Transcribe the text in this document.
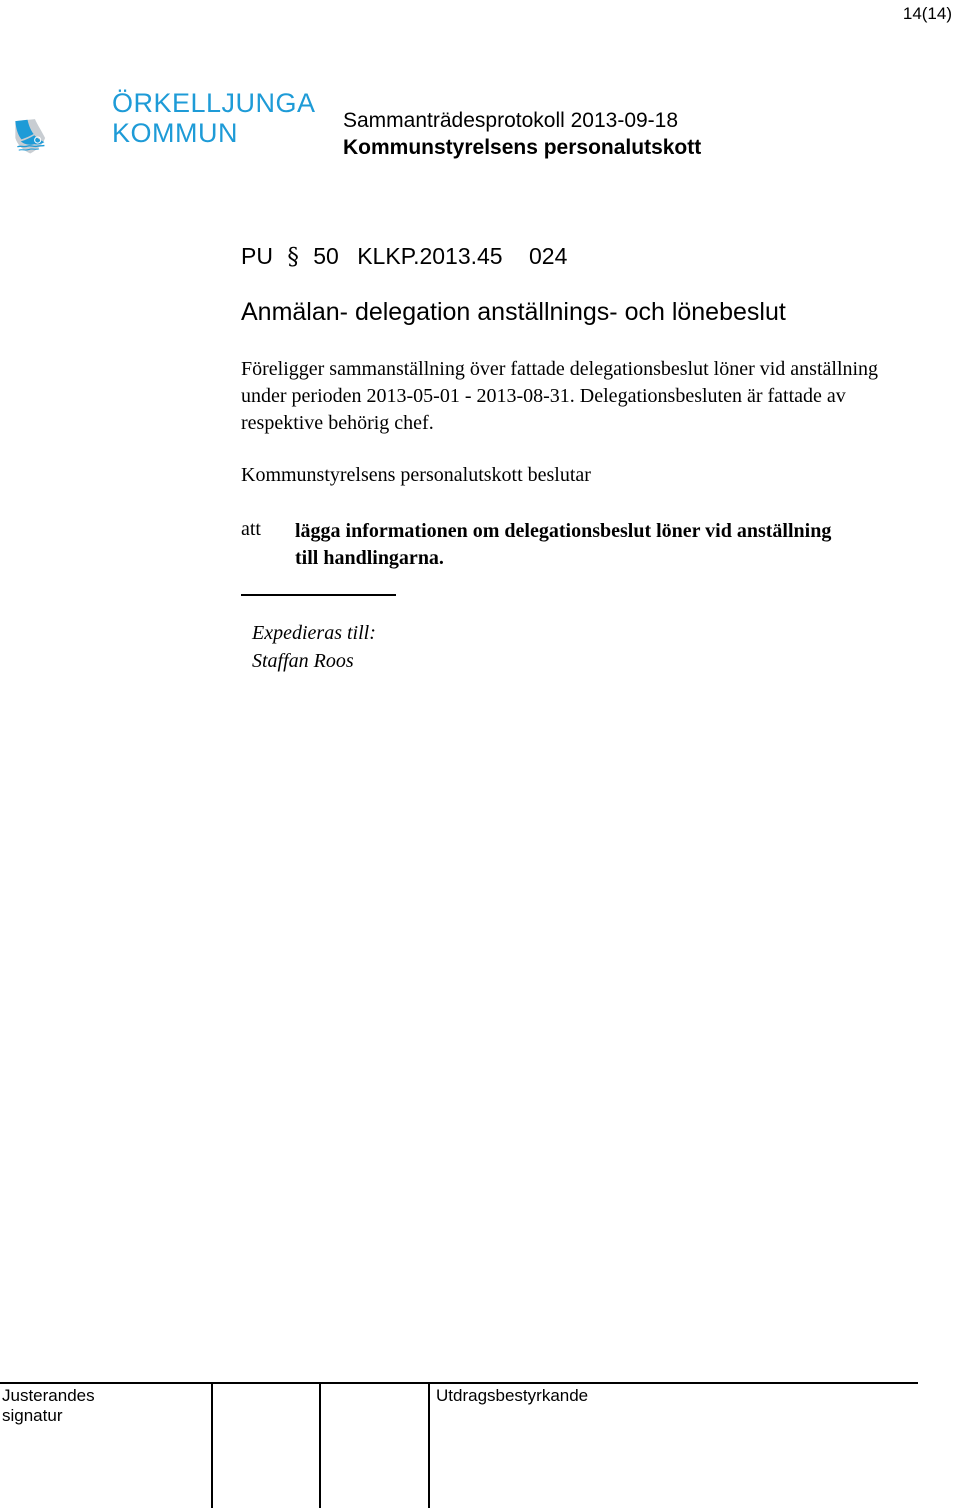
14(14)
ÖRKELLJUNGA
KOMMUN	Sammanträdesprotokoll 2013-09-18
Kommunstyrelsens personalutskott
PU § 50 KLKP.2013.45 024
Anmälan- delegation anställnings- och lönebeslut
Föreligger sammanställning över fattade delegationsbeslut löner vid anställning under perioden 2013-05-01 - 2013-08-31. Delegationsbesluten är fattade av respektive behörig chef.
Kommunstyrelsens personalutskott beslutar
att lägga informationen om delegationsbeslut löner vid anställning till handlingarna.
Expedieras till:
Staffan Roos
Justerandes
signatur
Utdragsbestyrkande
